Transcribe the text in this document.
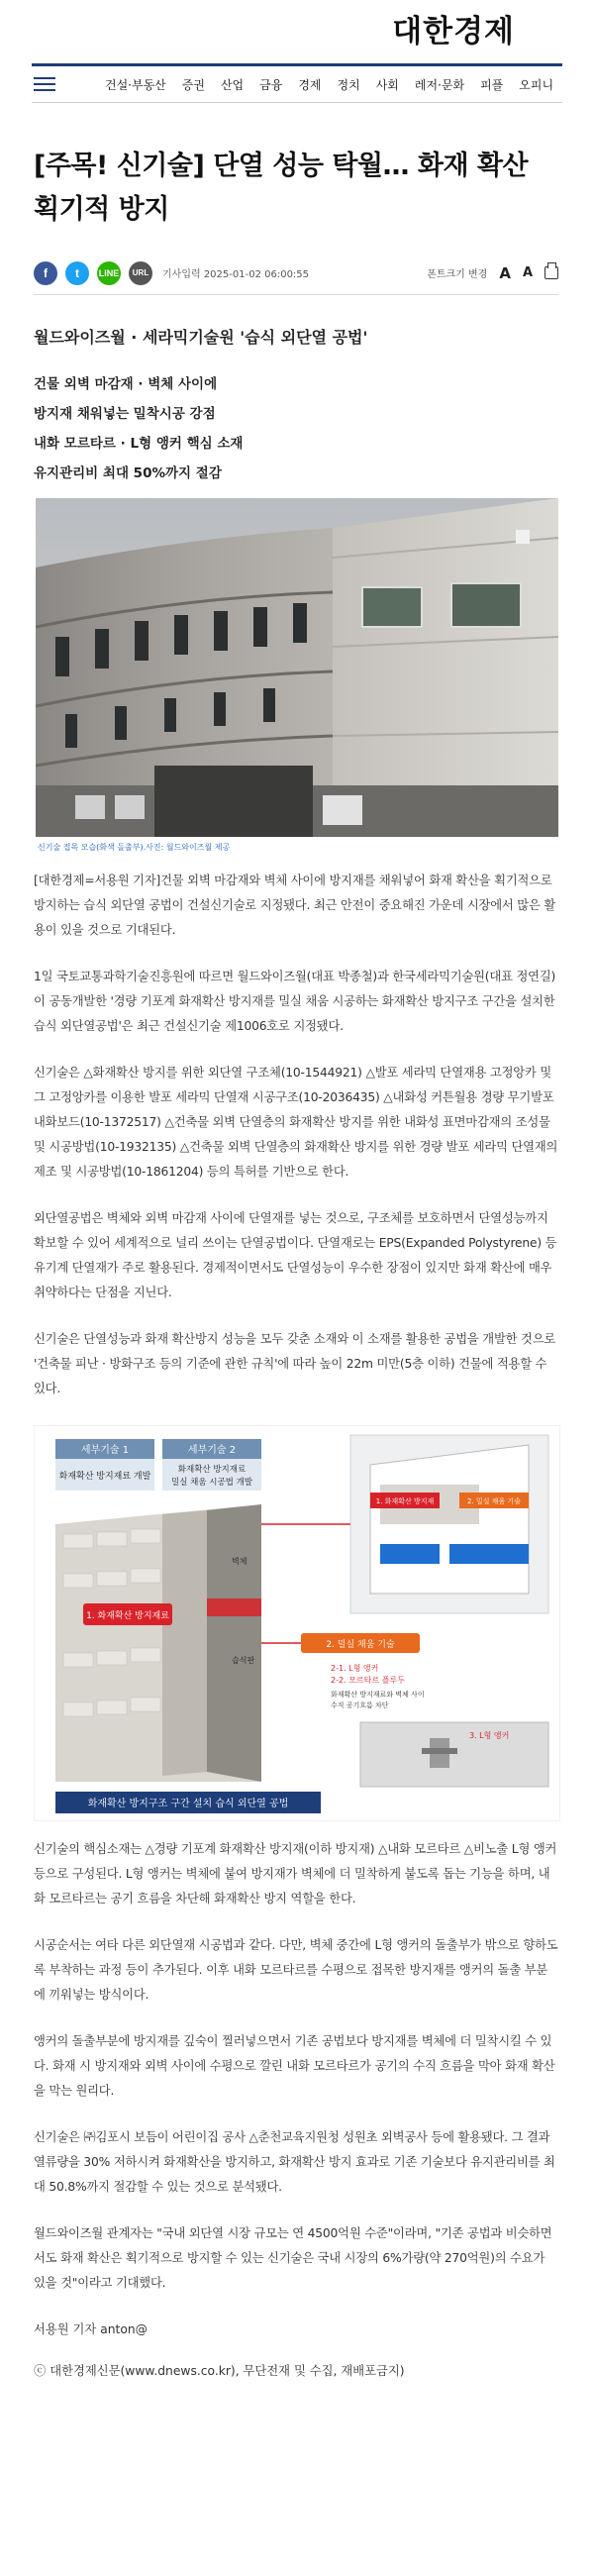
대한경제
건설·부동산	증권	산업	금융	경제	정치	사회	레저·문화	피플	오피니
[주목! 신기술] 단열 성능 탁월… 화재 확산 획기적 방지
f	t	LINE	URL	기사입력 2025-01-02 06:00:55	폰트크기 변경 A A
월드와이즈월 · 세라믹기술원 '습식 외단열 공법'
건물 외벽 마감재 · 벽체 사이에
방지재 채워넣는 밀착시공 강점
내화 모르타르 · L형 앵커 핵심 소재
유지관리비 최대 50%까지 절감
신기술 접목 모습(화색 돌출부).사진: 월드와이즈월 제공

[대한경제=서용원 기자]건물 외벽 마감재와 벽체 사이에 방지재를 채워넣어 화재 확산을 획기적으로 방지하는 습식 외단열 공법이 건설신기술로 지정됐다. 최근 안전이 중요해진 가운데 시장에서 많은 활용이 있을 것으로 기대된다.

1일 국토교통과학기술진흥원에 따르면 월드와이즈월(대표 박종철)과 한국세라믹기술원(대표 정연길)이 공동개발한 '경량 기포계 화재확산 방지재를 밀실 채움 시공하는 화재확산 방지구조 구간을 설치한 습식 외단열공법'은 최근 건설신기술 제1006호로 지정됐다.

신기술은 △화재확산 방지를 위한 외단열 구조체(10-1544921) △발포 세라믹 단열재용 고정앙카 및 그 고정앙카를 이용한 발포 세라믹 단열재 시공구조(10-2036435) △내화성 커튼월용 경량 무기발포 내화보드(10-1372517) △건축물 외벽 단열층의 화재확산 방지를 위한 내화성 표면마감재의 조성물 및 시공방법(10-1932135) △건축물 외벽 단열층의 화재확산 방지를 위한 경량 발포 세라믹 단열재의 제조 및 시공방법(10-1861204) 등의 특허를 기반으로 한다.

외단열공법은 벽체와 외벽 마감재 사이에 단열재를 넣는 것으로, 구조체를 보호하면서 단열성능까지 확보할 수 있어 세계적으로 널리 쓰이는 단열공법이다. 단열재로는 EPS(Expanded Polystyrene) 등 유기계 단열재가 주로 활용된다. 경제적이면서도 단열성능이 우수한 장점이 있지만 화재 확산에 매우 취약하다는 단점을 지닌다.

신기술은 단열성능과 화재 확산방지 성능을 모두 갖춘 소재와 이 소재를 활용한 공법을 개발한 것으로 '건축물 피난 · 방화구조 등의 기준에 관한 규칙'에 따라 높이 22m 미만(5층 이하) 건물에 적용할 수 있다.

세부기술 1
화재확산 방지재료 개발
세부기술 2
화재확산 방지재료
밀실 채움 시공법 개발
벽체
습식판
1. 화재확산 방지재료
2. 밀실 채움 기술
2-1. L형 앵커
2-2. 모르타르 플루두
화재확산 방지재료와 벽체 사이
수직 공기흐름 차단
1. 화재확산 방지재	2. 밀실 채움 기술
3. L형 앵커
화재확산 방지구조 구간 설치 습식 외단열 공법

신기술의 핵심소재는 △경량 기포계 화재확산 방지재(이하 방지재) △내화 모르타르 △비노출 L형 앵커 등으로 구성된다. L형 앵커는 벽체에 붙여 방지재가 벽체에 더 밀착하게 붙도록 돕는 기능을 하며, 내화 모르타르는 공기 흐름을 차단해 화재확산 방지 역할을 한다.

시공순서는 여타 다른 외단열재 시공법과 같다. 다만, 벽체 중간에 L형 앵커의 돌출부가 밖으로 향하도록 부착하는 과정 등이 추가된다. 이후 내화 모르타르를 수평으로 접목한 방지재를 앵커의 돌출 부분에 끼워넣는 방식이다.

앵커의 돌출부분에 방지재를 깊숙이 찔러넣으면서 기존 공법보다 방지재를 벽체에 더 밀착시킬 수 있다. 화재 시 방지재와 외벽 사이에 수평으로 깔린 내화 모르타르가 공기의 수직 흐름을 막아 화재 확산을 막는 원리다.

신기술은 ㈜김포시 보듬이 어린이집 공사 △춘천교육지원청 성원초 외벽공사 등에 활용됐다. 그 결과 열류량을 30% 저하시켜 화재확산을 방지하고, 화재확산 방지 효과로 기존 기술보다 유지관리비를 최대 50.8%까지 절감할 수 있는 것으로 분석됐다.

월드와이즈월 관계자는 "국내 외단열 시장 규모는 연 4500억원 수준"이라며, "기존 공법과 비슷하면서도 화재 확산은 획기적으로 방지할 수 있는 신기술은 국내 시장의 6%가량(약 270억원)의 수요가 있을 것"이라고 기대했다.

서용원 기자 anton@
ⓒ 대한경제신문(www.dnews.co.kr), 무단전재 및 수집, 재배포금지)
